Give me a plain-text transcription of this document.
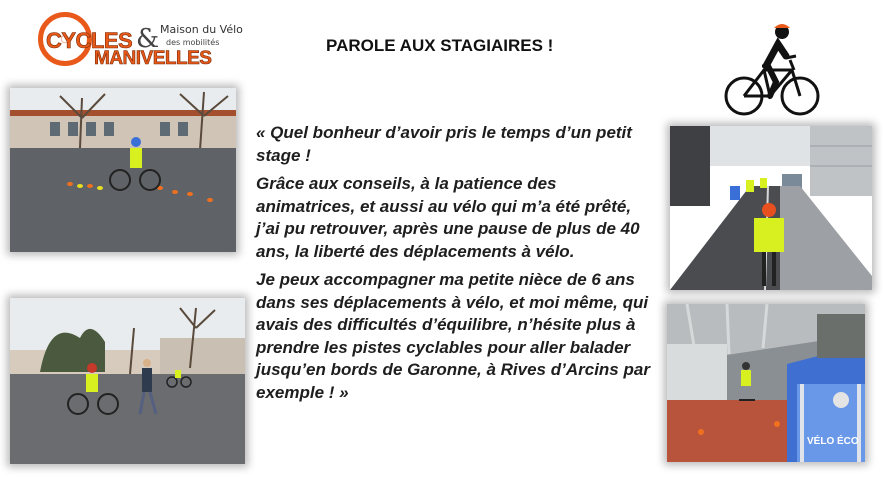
CYCLES & Maison du Vélo
des mobilités
MANIVELLES
PAROLE AUX STAGIAIRES !
VÉLO ÉCO

« Quel bonheur d’avoir pris le temps d’un petit stage !

Grâce aux conseils, à la patience des animatrices, et aussi au vélo qui m’a été prêté, j’ai pu retrouver, après une pause de plus de 40 ans, la liberté des déplacements à vélo.

Je peux accompagner ma petite nièce de 6 ans dans ses déplacements à vélo, et moi même, qui avais des difficultés d’équilibre, n’hésite plus à prendre les pistes cyclables pour aller balader jusqu’en bords de Garonne, à Rives d’Arcins par exemple ! »
